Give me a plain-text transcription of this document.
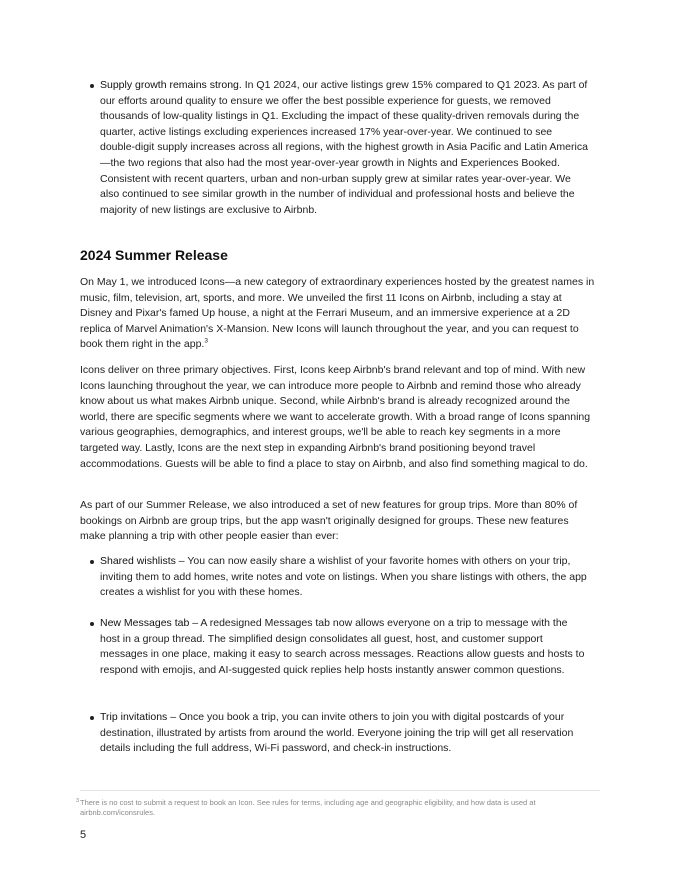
Supply growth remains strong. In Q1 2024, our active listings grew 15% compared to Q1 2023. As part of our efforts around quality to ensure we offer the best possible experience for guests, we removed thousands of low-quality listings in Q1. Excluding the impact of these quality-driven removals during the quarter, active listings excluding experiences increased 17% year-over-year. We continued to see double-digit supply increases across all regions, with the highest growth in Asia Pacific and Latin America—the two regions that also had the most year-over-year growth in Nights and Experiences Booked. Consistent with recent quarters, urban and non-urban supply grew at similar rates year-over-year. We also continued to see similar growth in the number of individual and professional hosts and believe the majority of new listings are exclusive to Airbnb.

2024 Summer Release
On May 1, we introduced Icons—a new category of extraordinary experiences hosted by the greatest names in music, film, television, art, sports, and more. We unveiled the first 11 Icons on Airbnb, including a stay at Disney and Pixar's famed Up house, a night at the Ferrari Museum, and an immersive experience at a 2D replica of Marvel Animation's X-Mansion. New Icons will launch throughout the year, and you can request to book them right in the app.$^3$
Icons deliver on three primary objectives. First, Icons keep Airbnb's brand relevant and top of mind. With new Icons launching throughout the year, we can introduce more people to Airbnb and remind those who already know about us what makes Airbnb unique. Second, while Airbnb's brand is already recognized around the world, there are specific segments where we want to accelerate growth. With a broad range of Icons spanning various geographies, demographics, and interest groups, we'll be able to reach key segments in a more targeted way. Lastly, Icons are the next step in expanding Airbnb's brand positioning beyond travel accommodations. Guests will be able to find a place to stay on Airbnb, and also find something magical to do.
As part of our Summer Release, we also introduced a set of new features for group trips. More than 80% of bookings on Airbnb are group trips, but the app wasn't originally designed for groups. These new features make planning a trip with other people easier than ever:

Shared wishlists – You can now easily share a wishlist of your favorite homes with others on your trip, inviting them to add homes, write notes and vote on listings. When you share listings with others, the app creates a wishlist for you with these homes.

New Messages tab – A redesigned Messages tab now allows everyone on a trip to message with the host in a group thread. The simplified design consolidates all guest, host, and customer support messages in one place, making it easy to search across messages. Reactions allow guests and hosts to respond with emojis, and AI-suggested quick replies help hosts instantly answer common questions.

Trip invitations – Once you book a trip, you can invite others to join you with digital postcards of your destination, illustrated by artists from around the world. Everyone joining the trip will get all reservation details including the full address, Wi-Fi password, and check-in instructions.

3 There is no cost to submit a request to book an Icon. See rules for terms, including age and geographic eligibility, and how data is used at airbnb.com/iconsrules.
5
